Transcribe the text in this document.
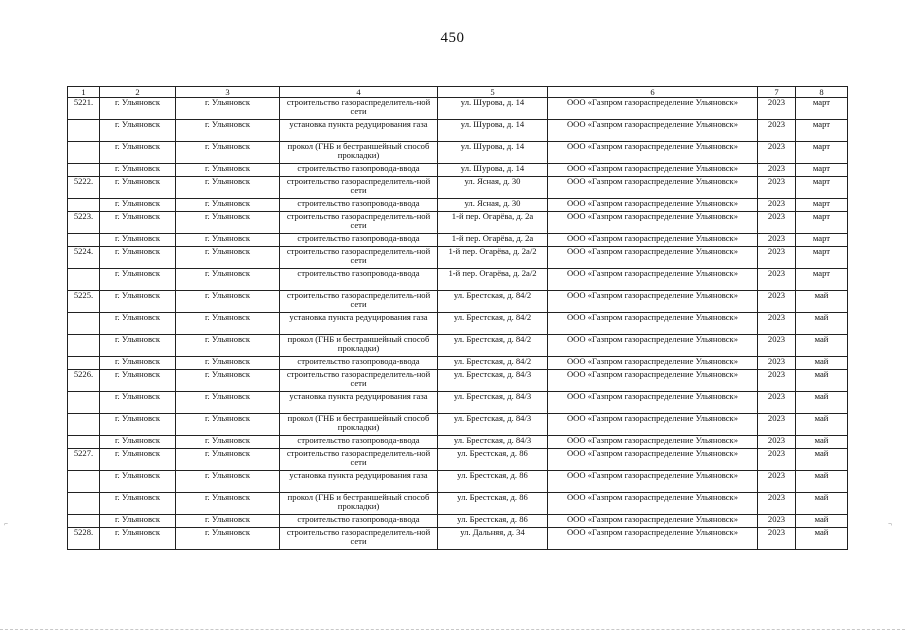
450
1	2	3	4	5	6	7	8
5221.	г. Ульяновск	г. Ульяновск	строительство газораспределитель-ной сети	ул. Шурова, д. 14	ООО «Газпром газораспределение Ульяновск»	2023	март
	г. Ульяновск	г. Ульяновск	установка пункта редуцирования газа	ул. Шурова, д. 14	ООО «Газпром газораспределение Ульяновск»	2023	март
	г. Ульяновск	г. Ульяновск	прокол (ГНБ и бестраншейный способ прокладки)	ул. Шурова, д. 14	ООО «Газпром газораспределение Ульяновск»	2023	март
	г. Ульяновск	г. Ульяновск	строительство газопровода-ввода	ул. Шурова, д. 14	ООО «Газпром газораспределение Ульяновск»	2023	март
5222.	г. Ульяновск	г. Ульяновск	строительство газораспределитель-ной сети	ул. Ясная, д. 30	ООО «Газпром газораспределение Ульяновск»	2023	март
	г. Ульяновск	г. Ульяновск	строительство газопровода-ввода	ул. Ясная, д. 30	ООО «Газпром газораспределение Ульяновск»	2023	март
5223.	г. Ульяновск	г. Ульяновск	строительство газораспределитель-ной сети	1-й пер. Огарёва, д. 2а	ООО «Газпром газораспределение Ульяновск»	2023	март
	г. Ульяновск	г. Ульяновск	строительство газопровода-ввода	1-й пер. Огарёва, д. 2а	ООО «Газпром газораспределение Ульяновск»	2023	март
5224.	г. Ульяновск	г. Ульяновск	строительство газораспределитель-ной сети	1-й пер. Огарёва, д. 2а/2	ООО «Газпром газораспределение Ульяновск»	2023	март
	г. Ульяновск	г. Ульяновск	строительство газопровода-ввода	1-й пер. Огарёва, д. 2а/2	ООО «Газпром газораспределение Ульяновск»	2023	март
5225.	г. Ульяновск	г. Ульяновск	строительство газораспределитель-ной сети	ул. Брестская, д. 84/2	ООО «Газпром газораспределение Ульяновск»	2023	май
	г. Ульяновск	г. Ульяновск	установка пункта редуцирования газа	ул. Брестская, д. 84/2	ООО «Газпром газораспределение Ульяновск»	2023	май
	г. Ульяновск	г. Ульяновск	прокол (ГНБ и бестраншейный способ прокладки)	ул. Брестская, д. 84/2	ООО «Газпром газораспределение Ульяновск»	2023	май
	г. Ульяновск	г. Ульяновск	строительство газопровода-ввода	ул. Брестская, д. 84/2	ООО «Газпром газораспределение Ульяновск»	2023	май
5226.	г. Ульяновск	г. Ульяновск	строительство газораспределитель-ной сети	ул. Брестская, д. 84/3	ООО «Газпром газораспределение Ульяновск»	2023	май
	г. Ульяновск	г. Ульяновск	установка пункта редуцирования газа	ул. Брестская, д. 84/3	ООО «Газпром газораспределение Ульяновск»	2023	май
	г. Ульяновск	г. Ульяновск	прокол (ГНБ и бестраншейный способ прокладки)	ул. Брестская, д. 84/3	ООО «Газпром газораспределение Ульяновск»	2023	май
	г. Ульяновск	г. Ульяновск	строительство газопровода-ввода	ул. Брестская, д. 84/3	ООО «Газпром газораспределение Ульяновск»	2023	май
5227.	г. Ульяновск	г. Ульяновск	строительство газораспределитель-ной сети	ул. Брестская, д. 86	ООО «Газпром газораспределение Ульяновск»	2023	май
	г. Ульяновск	г. Ульяновск	установка пункта редуцирования газа	ул. Брестская, д. 86	ООО «Газпром газораспределение Ульяновск»	2023	май
	г. Ульяновск	г. Ульяновск	прокол (ГНБ и бестраншейный способ прокладки)	ул. Брестская, д. 86	ООО «Газпром газораспределение Ульяновск»	2023	май
	г. Ульяновск	г. Ульяновск	строительство газопровода-ввода	ул. Брестская, д. 86	ООО «Газпром газораспределение Ульяновск»	2023	май
5228.	г. Ульяновск	г. Ульяновск	строительство газораспределитель-ной сети	ул. Дальняя, д. 34	ООО «Газпром газораспределение Ульяновск»	2023	май
⌐	¬
